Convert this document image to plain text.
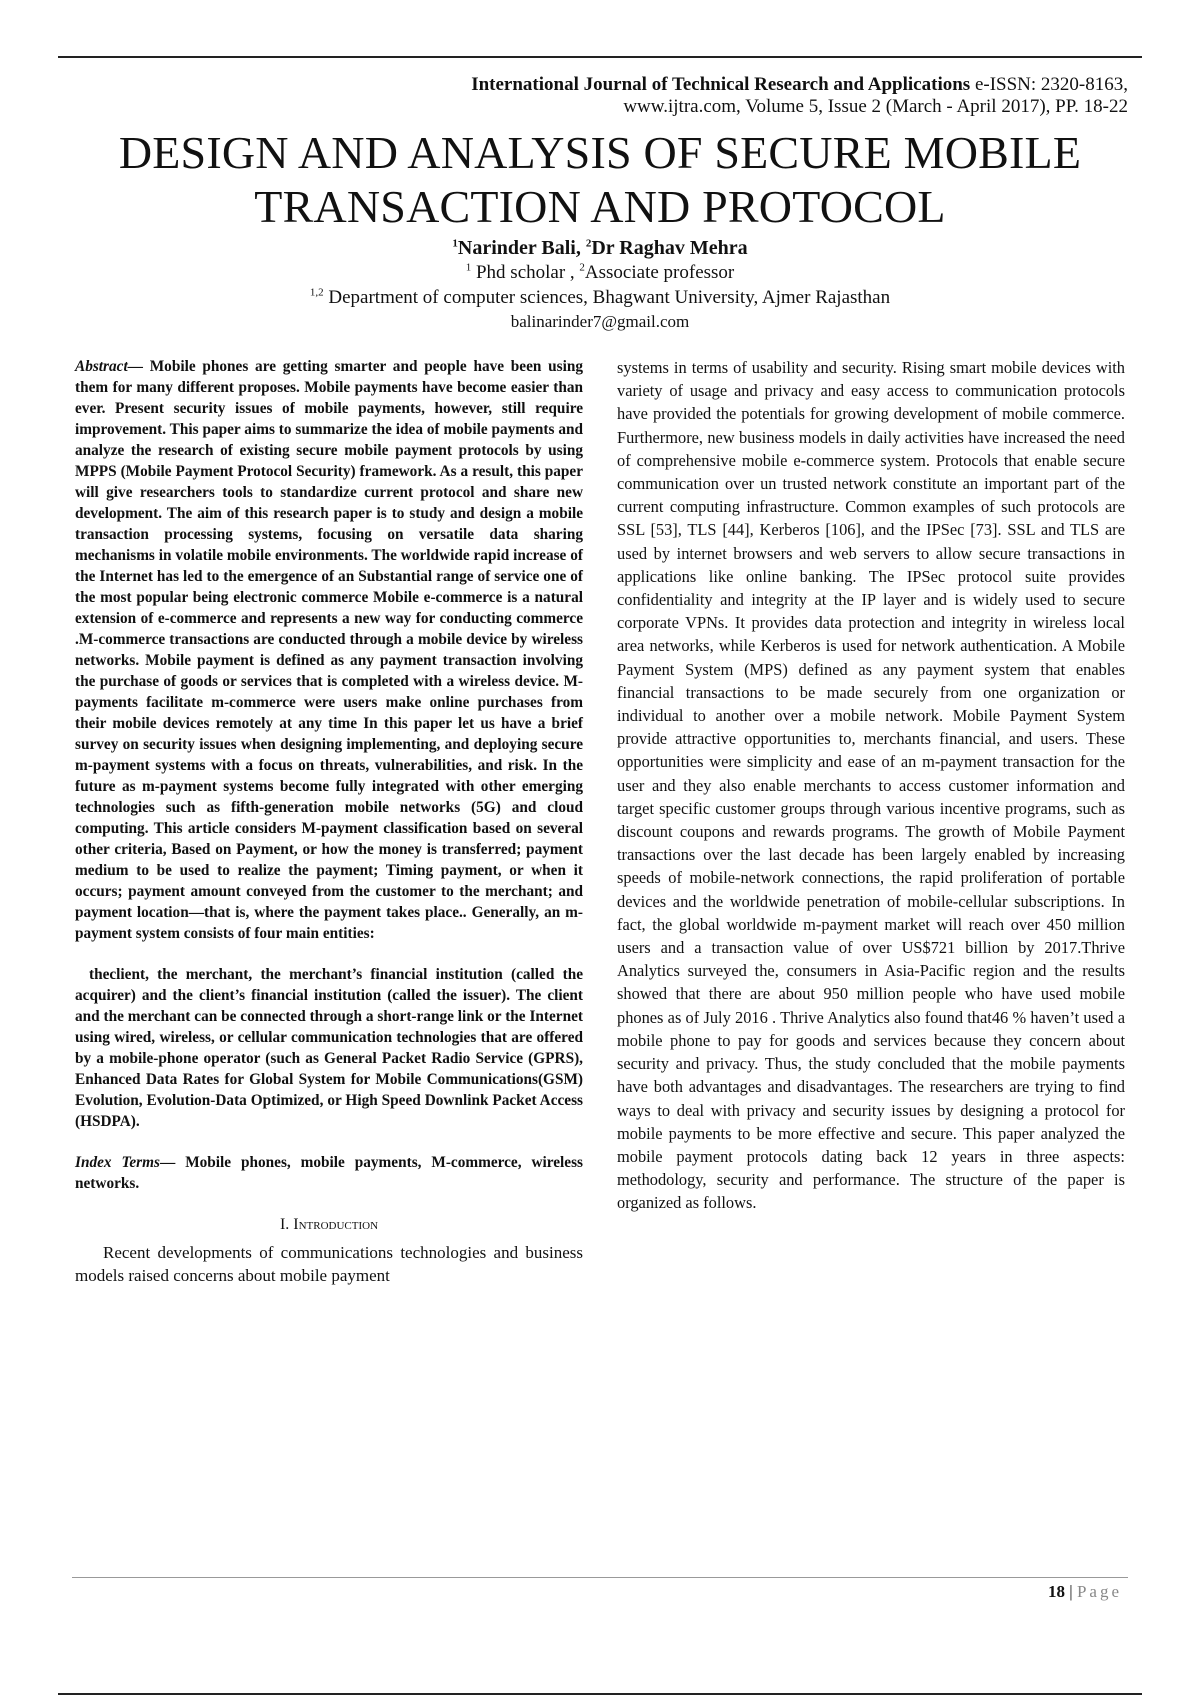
International Journal of Technical Research and Applications e-ISSN: 2320-8163,
www.ijtra.com, Volume 5, Issue 2 (March - April 2017), PP. 18-22
DESIGN AND ANALYSIS OF SECURE MOBILE
TRANSACTION AND PROTOCOL
$^1$Narinder Bali, $^2$Dr Raghav Mehra
$^1$ Phd scholar , $^2$Associate professor
$^{1,2}$ Department of computer sciences, Bhagwant University, Ajmer Rajasthan
balinarinder7@gmail.com

Abstract— Mobile phones are getting smarter and people have been using them for many different proposes. Mobile payments have become easier than ever. Present security issues of mobile payments, however, still require improvement. This paper aims to summarize the idea of mobile payments and analyze the research of existing secure mobile payment protocols by using MPPS (Mobile Payment Protocol Security) framework. As a result, this paper will give researchers tools to standardize current protocol and share new development. The aim of this research paper is to study and design a mobile transaction processing systems, focusing on versatile data sharing mechanisms in volatile mobile environments. The worldwide rapid increase of the Internet has led to the emergence of an Substantial range of service one of the most popular being electronic commerce Mobile e-commerce is a natural extension of e-commerce and represents a new way for conducting commerce .M-commerce transactions are conducted through a mobile device by wireless networks. Mobile payment is defined as any payment transaction involving the purchase of goods or services that is completed with a wireless device. M-payments facilitate m-commerce were users make online purchases from their mobile devices remotely at any time In this paper let us have a brief survey on security issues when designing implementing, and deploying secure m-payment systems with a focus on threats, vulnerabilities, and risk. In the future as m-payment systems become fully integrated with other emerging technologies such as fifth-generation mobile networks (5G) and cloud computing. This article considers M-payment classification based on several other criteria, Based on Payment, or how the money is transferred; payment medium to be used to realize the payment; Timing payment, or when it occurs; payment amount conveyed from the customer to the merchant; and payment location—that is, where the payment takes place.. Generally, an m- payment system consists of four main entities:

theclient, the merchant, the merchant’s financial institution (called the acquirer) and the client’s financial institution (called the issuer). The client and the merchant can be connected through a short-range link or the Internet using wired, wireless, or cellular communication technologies that are offered by a mobile-phone operator (such as General Packet Radio Service (GPRS), Enhanced Data Rates for Global System for Mobile Communications(GSM) Evolution, Evolution-Data Optimized, or High Speed Downlink Packet Access (HSDPA).

Index Terms— Mobile phones, mobile payments, M-commerce, wireless networks.

I. Introduction

Recent developments of communications technologies and business models raised concerns about mobile payment

systems in terms of usability and security. Rising smart mobile devices with variety of usage and privacy and easy access to communication protocols have provided the potentials for growing development of mobile commerce. Furthermore, new business models in daily activities have increased the need of comprehensive mobile e-commerce system. Protocols that enable secure communication over un trusted network constitute an important part of the current computing infrastructure. Common examples of such protocols are SSL [53], TLS [44], Kerberos [106], and the IPSec [73]. SSL and TLS are used by internet browsers and web servers to allow secure transactions in applications like online banking. The IPSec protocol suite provides confidentiality and integrity at the IP layer and is widely used to secure corporate VPNs. It provides data protection and integrity in wireless local area networks, while Kerberos is used for network authentication. A Mobile Payment System (MPS) defined as any payment system that enables financial transactions to be made securely from one organization or individual to another over a mobile network. Mobile Payment System provide attractive opportunities to, merchants financial, and users. These opportunities were simplicity and ease of an m-payment transaction for the user and they also enable merchants to access customer information and target specific customer groups through various incentive programs, such as discount coupons and rewards programs. The growth of Mobile Payment transactions over the last decade has been largely enabled by increasing speeds of mobile-network connections, the rapid proliferation of portable devices and the worldwide penetration of mobile-cellular subscriptions. In fact, the global worldwide m-payment market will reach over 450 million users and a transaction value of over US$721 billion by 2017.Thrive Analytics surveyed the, consumers in Asia-Pacific region and the results showed that there are about 950 million people who have used mobile phones as of July 2016 . Thrive Analytics also found that46 % haven’t used a mobile phone to pay for goods and services because they concern about security and privacy. Thus, the study concluded that the mobile payments have both advantages and disadvantages. The researchers are trying to find ways to deal with privacy and security issues by designing a protocol for mobile payments to be more effective and secure. This paper analyzed the mobile payment protocols dating back 12 years in three aspects: methodology, security and performance. The structure of the paper is organized as follows.

18 | Page
